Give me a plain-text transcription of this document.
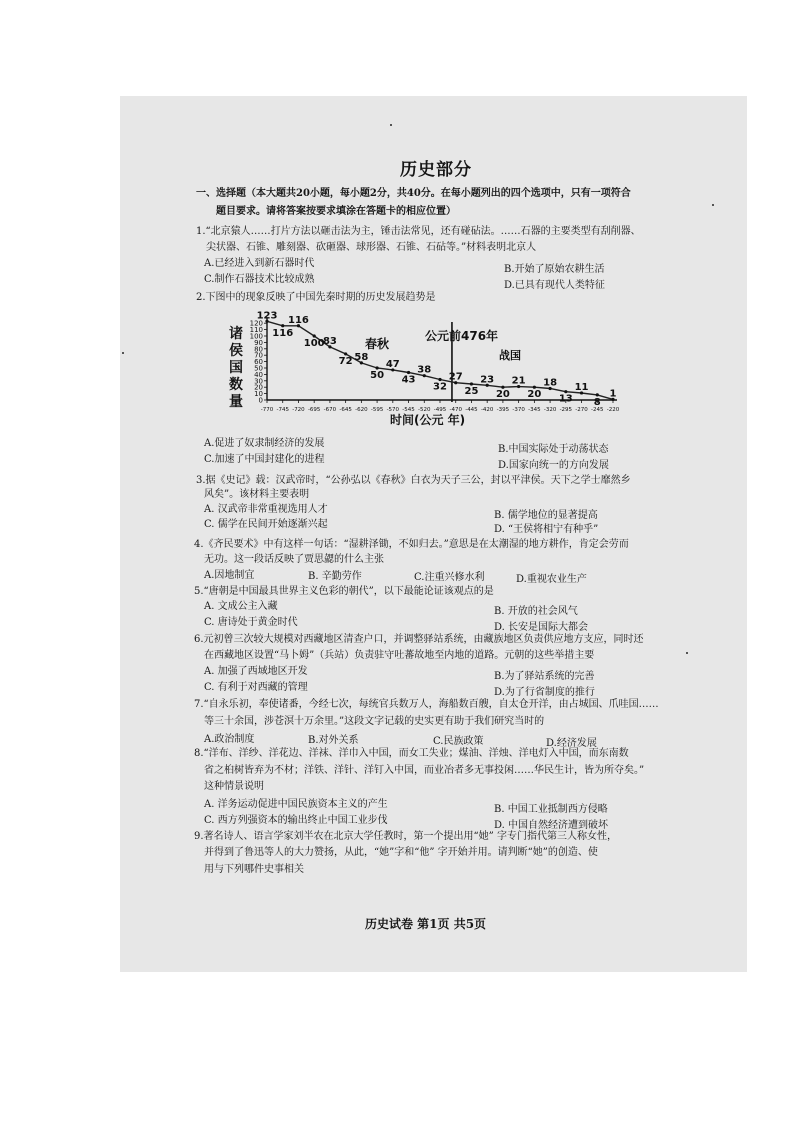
历史部分
一、选择题（本大题共20小题，每小题2分，共40分。在每小题列出的四个选项中，只有一项符合
题目要求。请将答案按要求填涂在答题卡的相应位置）
1.“北京猿人……打片方法以砸击法为主，锤击法常见，还有碰砧法。……石器的主要类型有刮削器、
尖状器、石锥、雕刻器、砍砸器、球形器、石锥、石砧等。”材料表明北京人
A.已经进入到新石器时代
B.开始了原始农耕生活
C.制作石器技术比较成熟
D.已具有现代人类特征
2.下图中的现象反映了中国先秦时期的历史发展趋势是
诸
侯
国
数
量 0
10
20
30
40
50
60
70
80
90
100
110
120
-770 -745 -720 -695 -670 -645 -620 -595 -570 -545 -520 -495 -470 -445 -420 -395 -370 -345 -320 -295 -270 -245 -220
123
116
116
100
83
72 58
50
47
43
38
32
27
25
23
20
21
20
18
13
11
8
1
春秋
公元前476年
战国
时间(公元 年)
A.促进了奴隶制经济的发展
B.中国实际处于动荡状态
C.加速了中国封建化的进程
D.国家向统一的方向发展
3.据《史记》载：汉武帝时，“公孙弘以《春秋》白衣为天子三公，封以平津侯。天下之学士靡然乡
风矣”。该材料主要表明
A. 汉武帝非常重视选用人才
B. 儒学地位的显著提高
C. 儒学在民间开始逐渐兴起	D. “王侯将相宁有种乎”
4.《齐民要术》中有这样一句话：“湿耕泽锄，不如归去。”意思是在太潮湿的地方耕作，肯定会劳而
无功。这一段话反映了贾思勰的什么主张
A.因地制宜	B. 辛勤劳作	C.注重兴修水利	D.重视农业生产
5.“唐朝是中国最具世界主义色彩的朝代”，以下最能论证该观点的是
A. 文成公主入藏	B. 开放的社会风气
C. 唐诗处于黄金时代	D. 长安是国际大都会
6.元初曾三次较大规模对西藏地区清查户口，并调整驿站系统，由藏族地区负责供应地方支应，同时还
在西藏地区设置“马卜姆”（兵站）负责驻守吐蕃故地至内地的道路。元朝的这些举措主要
A. 加强了西域地区开发	B.为了驿站系统的完善
C. 有利于对西藏的管理	D.为了行省制度的推行
7.“自永乐初，奉使诸番，今经七次，每统官兵数万人，海船数百艘，自太仓开洋，由占城国、爪哇国……
等三十余国，涉苍溟十万余里。”这段文字记载的史实更有助于我们研究当时的
A.政治制度	B.对外关系	C.民族政策	D.经济发展
8.“洋布、洋纱、洋花边、洋袜、洋巾入中国，而女工失业；煤油、洋烛、洋电灯入中国，而东南数
省之桕树皆弃为不材；洋铁、洋针、洋钉入中国，而业冶者多无事投闲……华民生计，皆为所夺矣。”
这种情景说明
A. 洋务运动促进中国民族资本主义的产生	B. 中国工业抵制西方侵略
C. 西方列强资本的输出终止中国工业步伐	D. 中国自然经济遭到破坏
9.著名诗人、语言学家刘半农在北京大学任教时，第一个提出用“她” 字专门指代第三人称女性，
并得到了鲁迅等人的大力赞扬，从此，“她”字和“他” 字开始并用。请判断“她”的创造、使
用与下列哪件史事相关
历史试卷 第1页 共5页
